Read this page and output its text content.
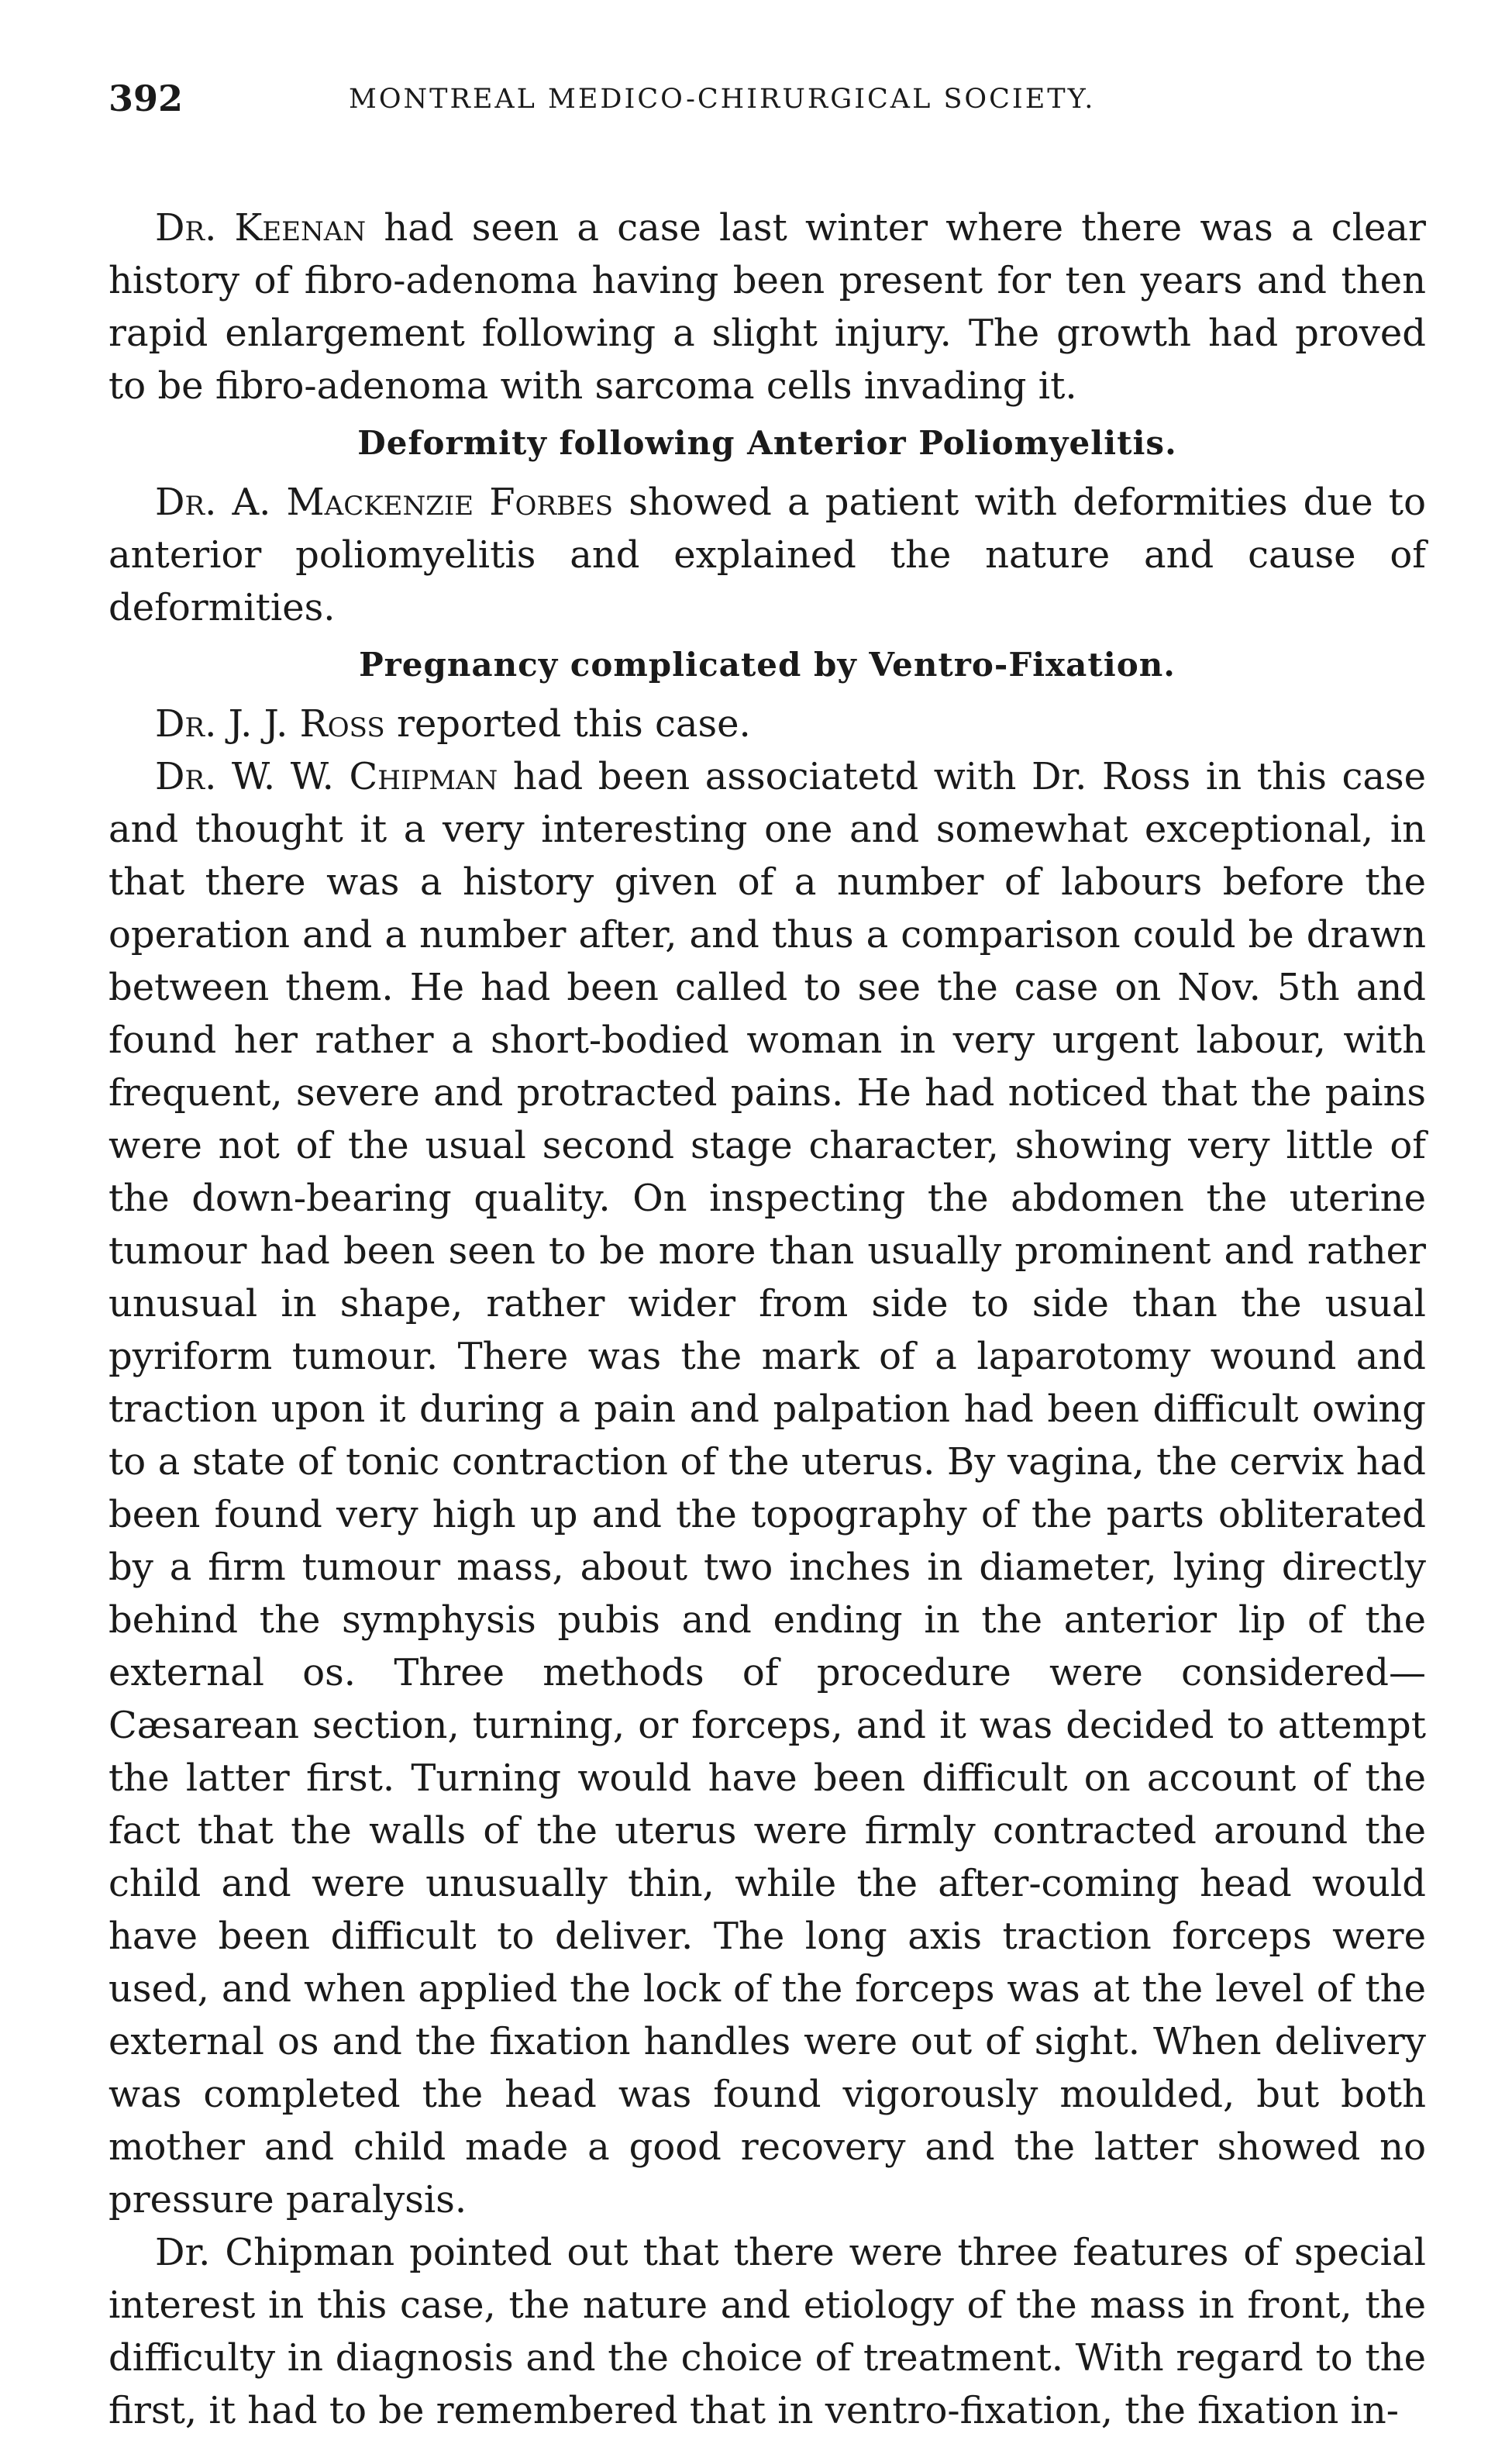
392	MONTREAL MEDICO-CHIRURGICAL SOCIETY.

Dr. Keenan had seen a case last winter where there was a clear history of fibro-adenoma having been present for ten years and then rapid enlargement following a slight injury. The growth had proved to be fibro-adenoma with sarcoma cells invading it.

Deformity following Anterior Poliomyelitis.

Dr. A. Mackenzie Forbes showed a patient with deformities due to anterior poliomyelitis and explained the nature and cause of deformities.

Pregnancy complicated by Ventro-Fixation.

Dr. J. J. Ross reported this case.

Dr. W. W. Chipman had been associatetd with Dr. Ross in this case and thought it a very interesting one and somewhat exceptional, in that there was a history given of a number of labours before the operation and a number after, and thus a comparison could be drawn between them. He had been called to see the case on Nov. 5th and found her rather a short-bodied woman in very urgent labour, with frequent, severe and protracted pains. He had noticed that the pains were not of the usual second stage character, showing very little of the down-bearing quality. On inspecting the abdomen the uterine tumour had been seen to be more than usually prominent and rather unusual in shape, rather wider from side to side than the usual pyriform tumour. There was the mark of a laparotomy wound and traction upon it during a pain and palpation had been difficult owing to a state of tonic contraction of the uterus. By vagina, the cervix had been found very high up and the topography of the parts obliterated by a firm tumour mass, about two inches in diameter, lying directly behind the symphysis pubis and ending in the anterior lip of the external os. Three methods of procedure were considered—Cæsarean section, turning, or forceps, and it was decided to attempt the latter first. Turning would have been difficult on account of the fact that the walls of the uterus were firmly contracted around the child and were unusually thin, while the after-coming head would have been difficult to deliver. The long axis traction forceps were used, and when applied the lock of the forceps was at the level of the external os and the fixation handles were out of sight. When delivery was completed the head was found vigorously moulded, but both mother and child made a good recovery and the latter showed no pressure paralysis.

Dr. Chipman pointed out that there were three features of special interest in this case, the nature and etiology of the mass in front, the difficulty in diagnosis and the choice of treatment. With regard to the first, it had to be remembered that in ventro-fixation, the fixation in-
